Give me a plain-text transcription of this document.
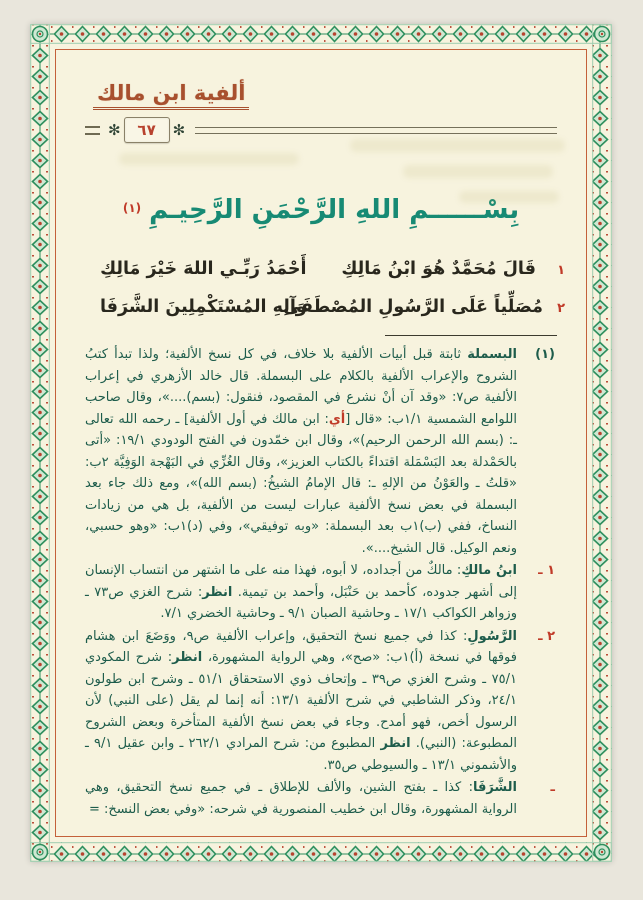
ألفية ابن مالك
✻ ٦٧ ✻
بِسْــــــمِ اللهِ الرَّحْمَنِ الرَّحِيـمِ$^{(١)}$
١
قَالَ مُحَمَّدٌ هُوَ ابْنُ مَالِكِ
أَحْمَدُ رَبِّـي اللهَ خَيْرَ مَالِكِ
٢
مُصَلِّياً عَلَى الرَّسُولِ المُصْطَفَى
وَآلِهِ المُسْتَكْمِلِينَ الشَّرَفَا
(١)
البسملة ثابتة قبل أبيات الألفية بلا خلاف، في كل نسخ الألفية؛ ولذا تبدأ كتبُ الشروح والإعراب الألفية بالكلام على البسملة. قال خالد الأزهري في إعراب الألفية ص٧: «وقد آن أنْ نشرع في المقصود، فنقول: (بسم)....»، وقال صاحب اللوامع الشمسية ١/١ب: «قال [أي: ابن مالك في أول الألفية] ـ رحمه الله تعالى ـ: (بسم الله الرحمن الرحيم)»، وقال ابن خمّدون في الفتح الودودي ١٩/١: «أتى بالحَمْدلة بعد البَسْمَلة اقتداءً بالكتاب العزيز»، وقال الغُزِّي في البَهْجة الوَفِيَّة ٢ب: «قلتُ ـ والعَوْنُ من الإلهِ ـ: قال الإمامُ الشيخُ: (بسم الله)»، ومع ذلك جاء بعد البسملة في بعض نسخ الألفية عبارات ليست من الألفية، بل هي من زيادات النساخ، ففي (ب)١ب بعد البسملة: «وبه توفيقي»، وفي (د)١ب: «وهو حسبي، ونعم الوكيل. قال الشيخ....».
١ ـ
ابنُ مالكِ: مالكٌ من أجداده، لا أبوه، فهذا منه على ما اشتهر من انتساب الإنسان إلى أشهر جدوده، كأحمد بن حَنْبَل، وأحمد بن تيمية. انظر: شرح الغزي ص٧٣ ـ وزواهر الكواكب ١٧/١ ـ وحاشية الصبان ٩/١ ـ وحاشية الخضري ٧/١.
٢ ـ
الرَّسُولِ: كذا في جميع نسخ التحقيق، وإعراب الألفية ص٩، ووَضَعَ ابن هشام فوقها في نسخة (أ)١ب: «صح»، وهي الرواية المشهورة، انظر: شرح المكودي ٧٥/١ ـ وشرح الغزي ص٣٩ ـ وإتحاف ذوي الاستحقاق ٥١/١ ـ وشرح ابن طولون ٢٤/١، وذكر الشاطبي في شرح الألفية ١٣/١: أنه إنما لم يقل (على النبي) لأن الرسول أخص، فهو أمدح. وجاء في بعض نسخ الألفية المتأخرة وبعض الشروح المطبوعة: (النبي). انظر المطبوع من: شرح المرادي ٢٦٢/١ ـ وابن عقيل ٩/١ ـ والأشموني ١٣/١ ـ والسيوطي ص٣٥.
ـ
الشَّرَفَا: كذا ـ بفتح الشين، والألف للإطلاق ـ في جميع نسخ التحقيق، وهي الرواية المشهورة، وقال ابن خطيب المنصورية في شرحه: «وفي بعض النسخ: =
